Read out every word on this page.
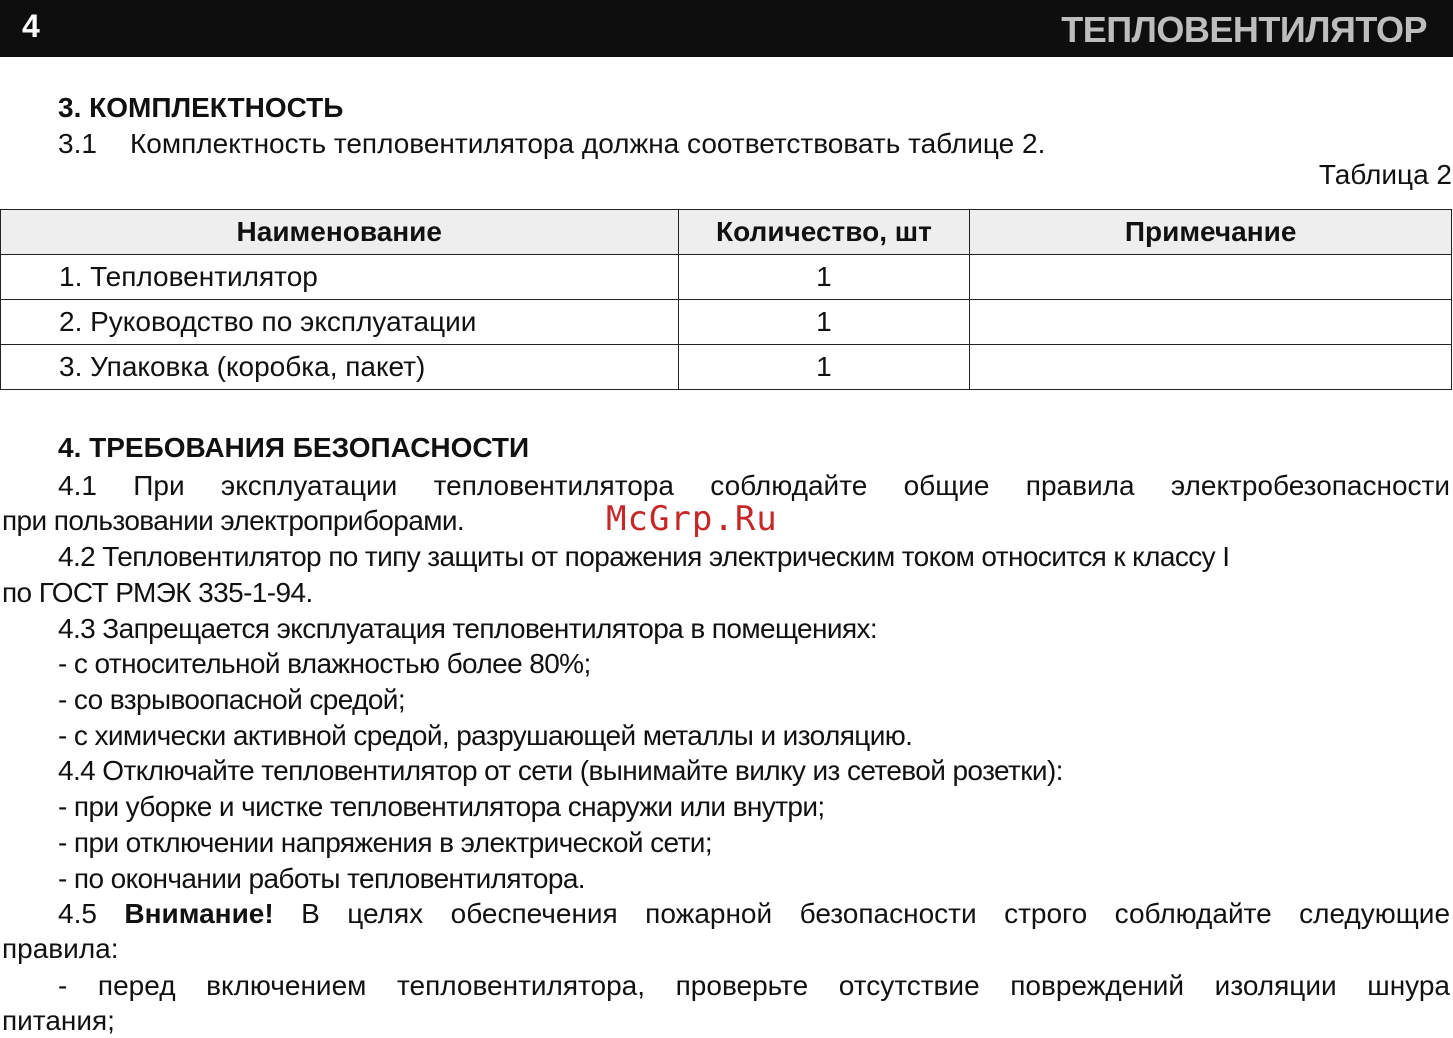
4	ТЕПЛОВЕНТИЛЯТОР
3. КОМПЛЕКТНОСТЬ
3.1 Комплектность тепловентилятора должна соответствовать таблице 2.
Таблица 2
Наименование	Количество, шт	Примечание
1. Тепловентилятор	1	
2. Руководство по эксплуатации	1	
3. Упаковка (коробка, пакет)	1	
4. ТРЕБОВАНИЯ БЕЗОПАСНОСТИ
4.1 При эксплуатации тепловентилятора соблюдайте общие правила электробезопасности
при пользовании электроприборами.	McGrp.Ru
4.2 Тепловентилятор по типу защиты от поражения электрическим током относится к классу I
по ГОСТ РМЭК 335-1-94.
4.3 Запрещается эксплуатация тепловентилятора в помещениях:
- с относительной влажностью более 80%;
- со взрывоопасной средой;
- с химически активной средой, разрушающей металлы и изоляцию.
4.4 Отключайте тепловентилятор от сети (вынимайте вилку из сетевой розетки):
- при уборке и чистке тепловентилятора снаружи или внутри;
- при отключении напряжения в электрической сети;
- по окончании работы тепловентилятора.
4.5 Внимание! В целях обеспечения пожарной безопасности строго соблюдайте следующие
правила:
- перед включением тепловентилятора, проверьте отсутствие повреждений изоляции шнура
питания;
